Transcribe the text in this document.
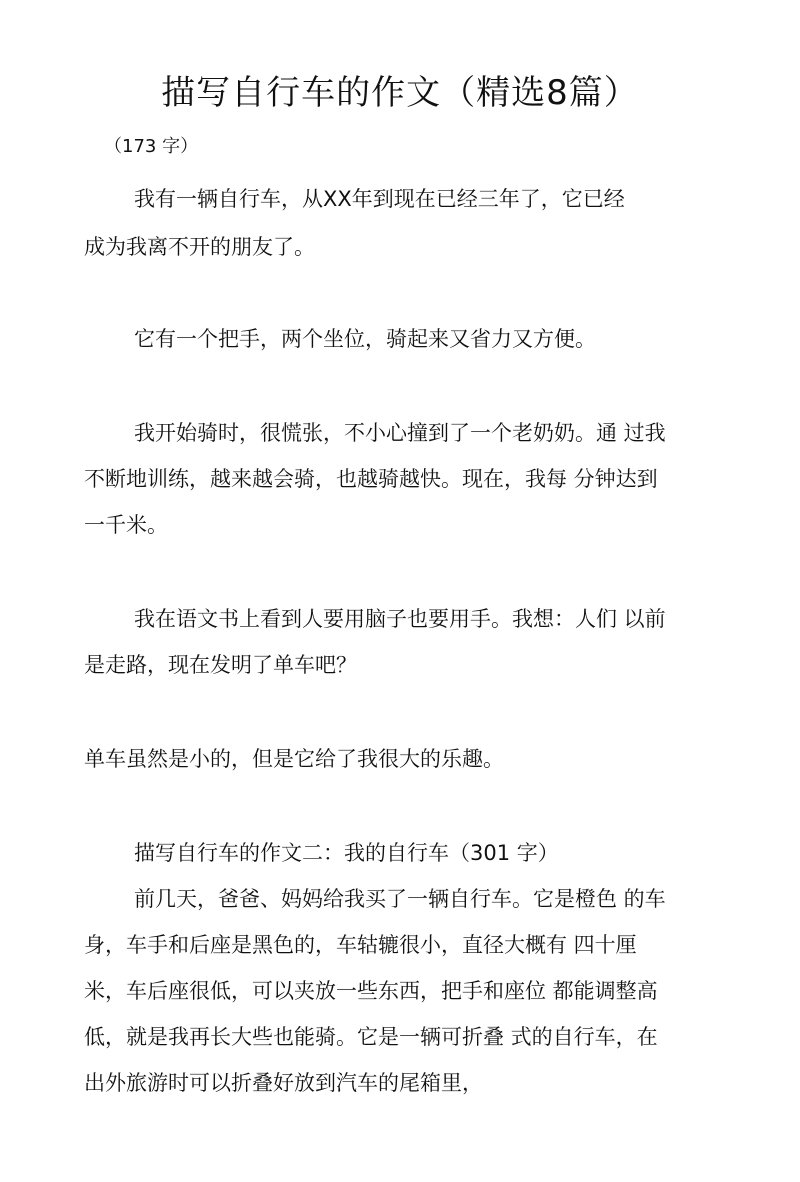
描写自行车的作文（精选8篇）
（173 字）
我有一辆自行车，从XX年到现在已经三年了，它已经
成为我离不开的朋友了。
它有一个把手，两个坐位，骑起来又省力又方便。
我开始骑时，很慌张，不小心撞到了一个老奶奶。通 过我
不断地训练，越来越会骑，也越骑越快。现在，我每 分钟达到
一千米。
我在语文书上看到人要用脑子也要用手。我想：人们 以前
是走路，现在发明了单车吧？
单车虽然是小的，但是它给了我很大的乐趣。
描写自行车的作文二：我的自行车（301 字）
前几天，爸爸、妈妈给我买了一辆自行车。它是橙色 的车
身，车手和后座是黑色的，车轱辘很小，直径大概有 四十厘
米，车后座很低，可以夹放一些东西，把手和座位 都能调整高
低，就是我再长大些也能骑。它是一辆可折叠 式的自行车，在
出外旅游时可以折叠好放到汽车的尾箱里，
